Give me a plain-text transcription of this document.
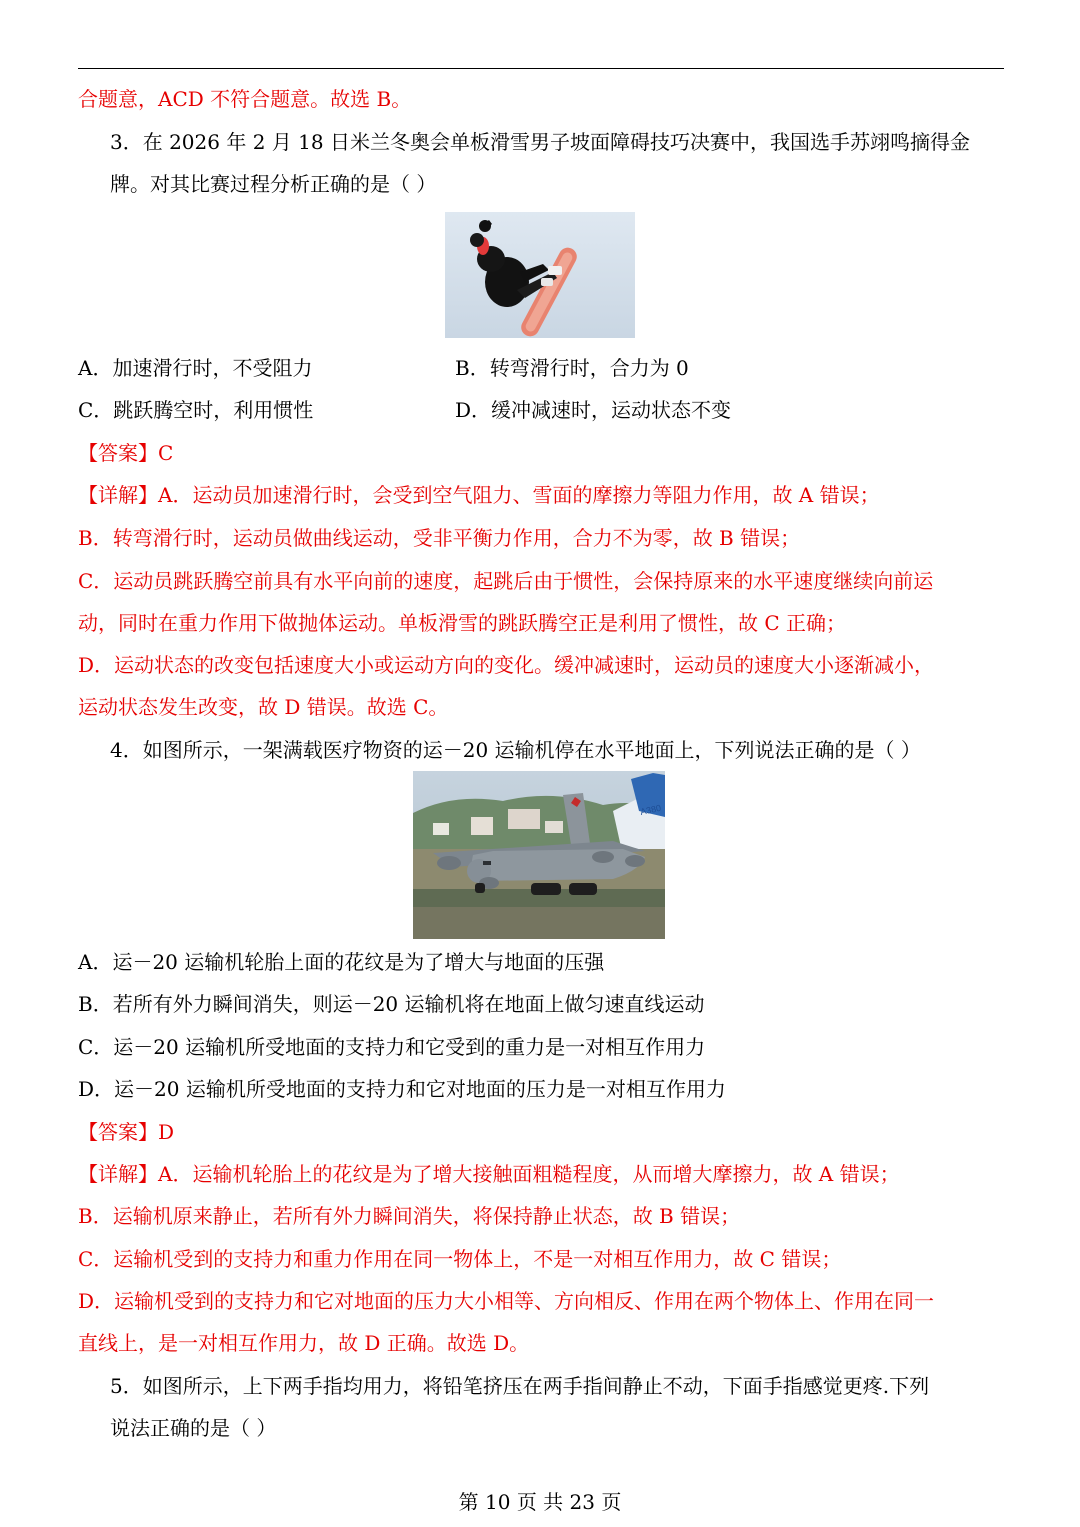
合题意，ACD 不符合题意。故选 B。
3．在 2026 年 2 月 18 日米兰冬奥会单板滑雪男子坡面障碍技巧决赛中，我国选手苏翊鸣摘得金
牌。对其比赛过程分析正确的是（ ）
A．加速滑行时，不受阻力	B．转弯滑行时，合力为 0
C．跳跃腾空时，利用惯性	D．缓冲减速时，运动状态不变
【答案】C
【详解】A．运动员加速滑行时，会受到空气阻力、雪面的摩擦力等阻力作用，故 A 错误；
B．转弯滑行时，运动员做曲线运动，受非平衡力作用，合力不为零，故 B 错误；
C．运动员跳跃腾空前具有水平向前的速度，起跳后由于惯性，会保持原来的水平速度继续向前运
动，同时在重力作用下做抛体运动。单板滑雪的跳跃腾空正是利用了惯性，故 C 正确；
D．运动状态的改变包括速度大小或运动方向的变化。缓冲减速时，运动员的速度大小逐渐减小，
运动状态发生改变，故 D 错误。故选 C。
4．如图所示，一架满载医疗物资的运－20 运输机停在水平地面上，下列说法正确的是（ ）
A380
A．运－20 运输机轮胎上面的花纹是为了增大与地面的压强
B．若所有外力瞬间消失，则运－20 运输机将在地面上做匀速直线运动
C．运－20 运输机所受地面的支持力和它受到的重力是一对相互作用力
D．运－20 运输机所受地面的支持力和它对地面的压力是一对相互作用力
【答案】D
【详解】A．运输机轮胎上的花纹是为了增大接触面粗糙程度，从而增大摩擦力，故 A 错误；
B．运输机原来静止，若所有外力瞬间消失，将保持静止状态，故 B 错误；
C．运输机受到的支持力和重力作用在同一物体上，不是一对相互作用力，故 C 错误；
D．运输机受到的支持力和它对地面的压力大小相等、方向相反、作用在两个物体上、作用在同一
直线上，是一对相互作用力，故 D 正确。故选 D。
5．如图所示，上下两手指均用力，将铅笔挤压在两手指间静止不动，下面手指感觉更疼.下列
说法正确的是（ ）
第 10 页 共 23 页
